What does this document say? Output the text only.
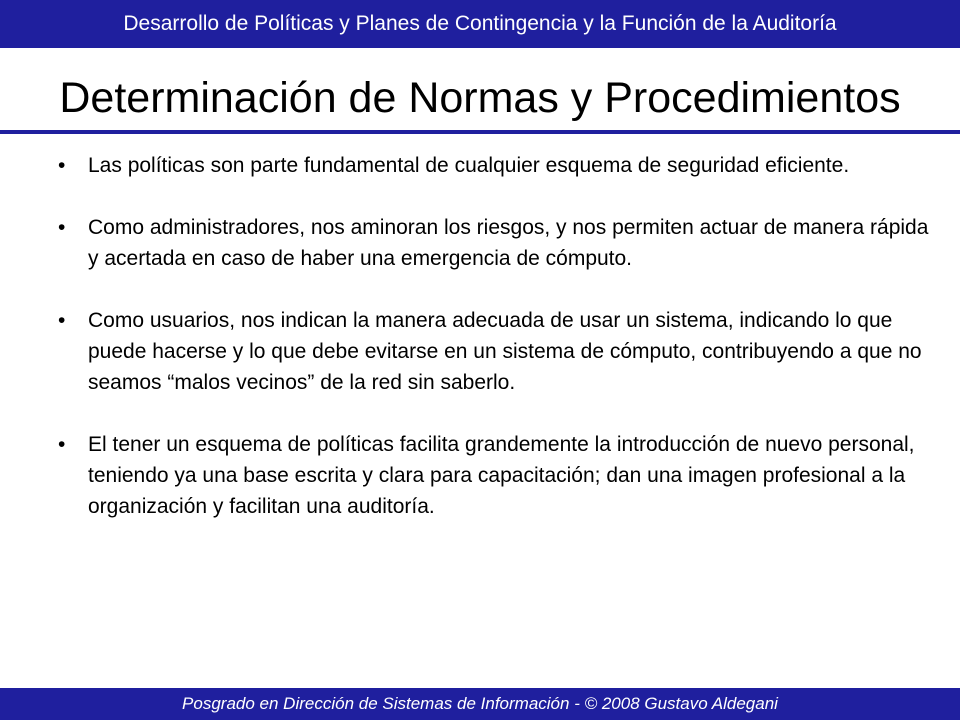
Desarrollo de Políticas y Planes de Contingencia y la Función de la Auditoría
Determinación de Normas y Procedimientos
• Las políticas son parte fundamental de cualquier esquema de seguridad eficiente.
• Como administradores, nos aminoran los riesgos, y nos permiten actuar de manera rápida y acertada en caso de haber una emergencia de cómputo.
• Como usuarios, nos indican la manera adecuada de usar un sistema, indicando lo que puede hacerse y lo que debe evitarse en un sistema de cómputo, contribuyendo a que no seamos “malos vecinos” de la red sin saberlo.
• El tener un esquema de políticas facilita grandemente la introducción de nuevo personal, teniendo ya una base escrita y clara para capacitación; dan una imagen profesional a la organización y facilitan una auditoría.
Posgrado en Dirección de Sistemas de Información - © 2008 Gustavo Aldegani
